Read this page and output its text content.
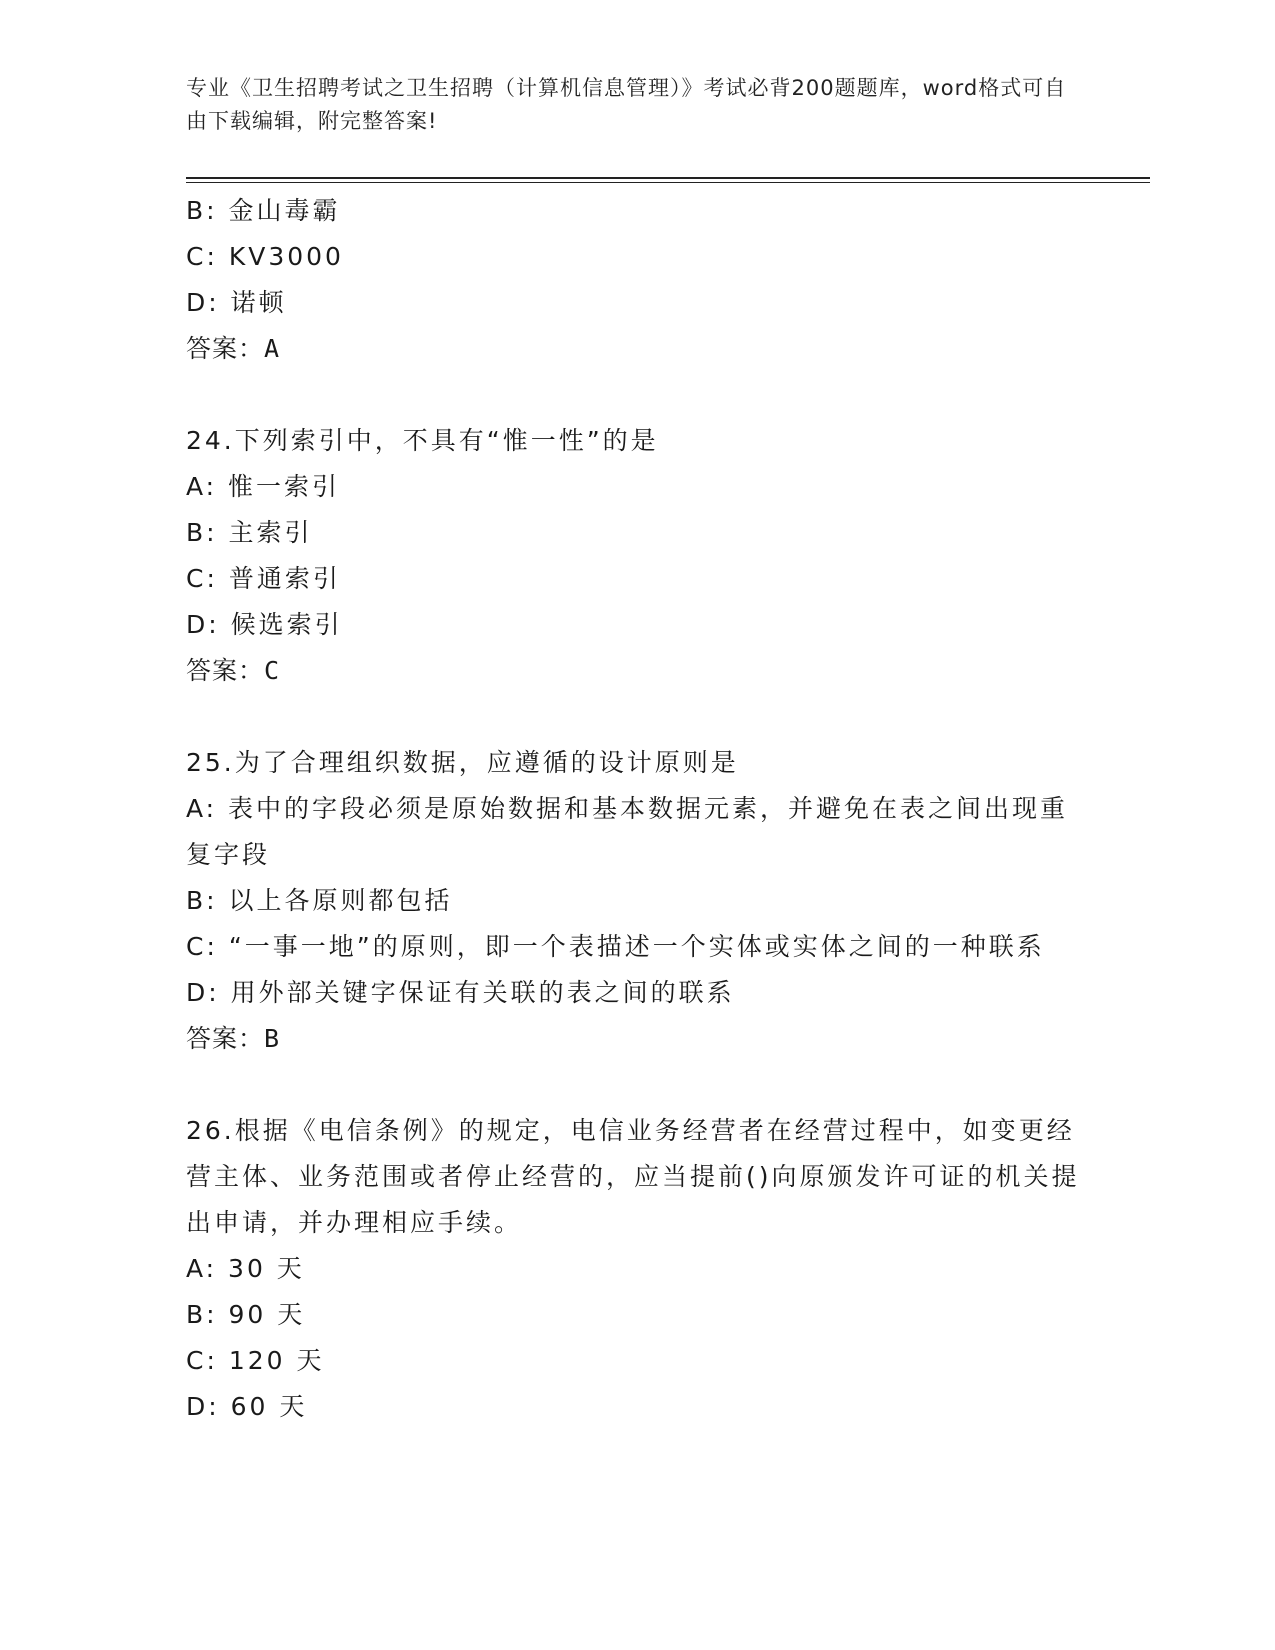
专业《卫生招聘考试之卫生招聘（计算机信息管理）》考试必背200题题库，word格式可自由下载编辑，附完整答案!
B: 金山毒霸
C: KV3000
D: 诺顿
答案：A
24.下列索引中，不具有“惟一性”的是
A: 惟一索引
B: 主索引
C: 普通索引
D: 候选索引
答案：C
25.为了合理组织数据，应遵循的设计原则是
A: 表中的字段必须是原始数据和基本数据元素，并避免在表之间出现重复字段
B: 以上各原则都包括
C: “一事一地”的原则，即一个表描述一个实体或实体之间的一种联系
D: 用外部关键字保证有关联的表之间的联系
答案：B
26.根据《电信条例》的规定，电信业务经营者在经营过程中，如变更经营主体、业务范围或者停止经营的，应当提前()向原颁发许可证的机关提出申请，并办理相应手续。
A: 30 天
B: 90 天
C: 120 天
D: 60 天
